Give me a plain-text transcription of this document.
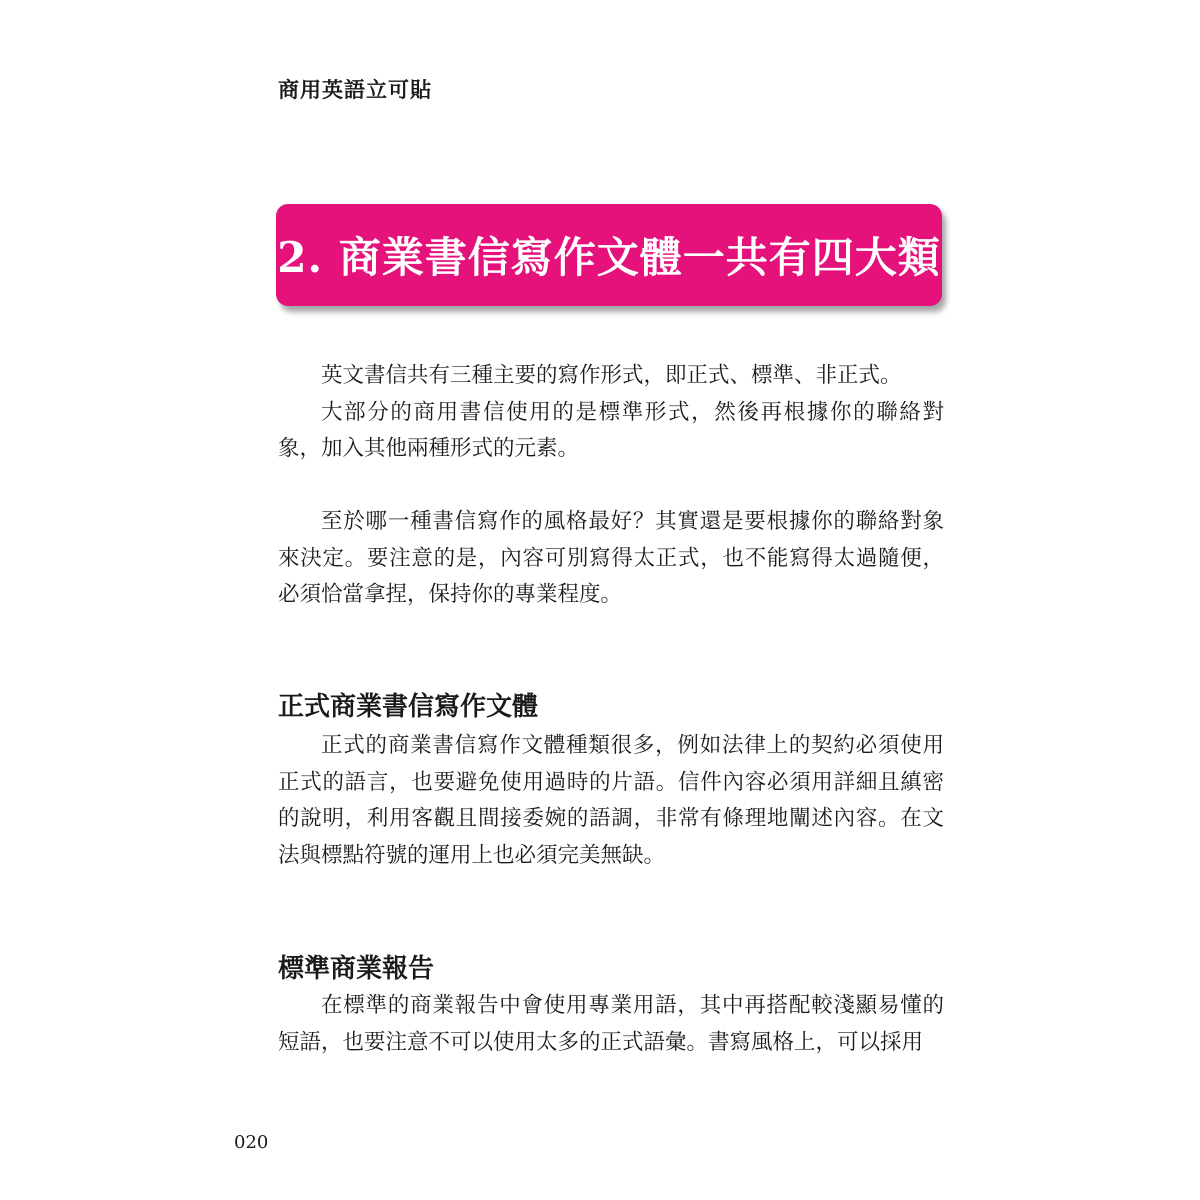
商用英語立可貼
2. 商業書信寫作文體一共有四大類

英文書信共有三種主要的寫作形式，即正式、標準、非正式。

大部分的商用書信使用的是標準形式，然後再根據你的聯絡對象，加入其他兩種形式的元素。

至於哪一種書信寫作的風格最好？其實還是要根據你的聯絡對象來決定。要注意的是，內容可別寫得太正式，也不能寫得太過隨便，必須恰當拿捏，保持你的專業程度。

正式商業書信寫作文體

正式的商業書信寫作文體種類很多，例如法律上的契約必須使用正式的語言，也要避免使用過時的片語。信件內容必須用詳細且縝密的說明，利用客觀且間接委婉的語調，非常有條理地闡述內容。在文法與標點符號的運用上也必須完美無缺。

標準商業報告

在標準的商業報告中會使用專業用語，其中再搭配較淺顯易懂的短語，也要注意不可以使用太多的正式語彙。書寫風格上，可以採用

020
